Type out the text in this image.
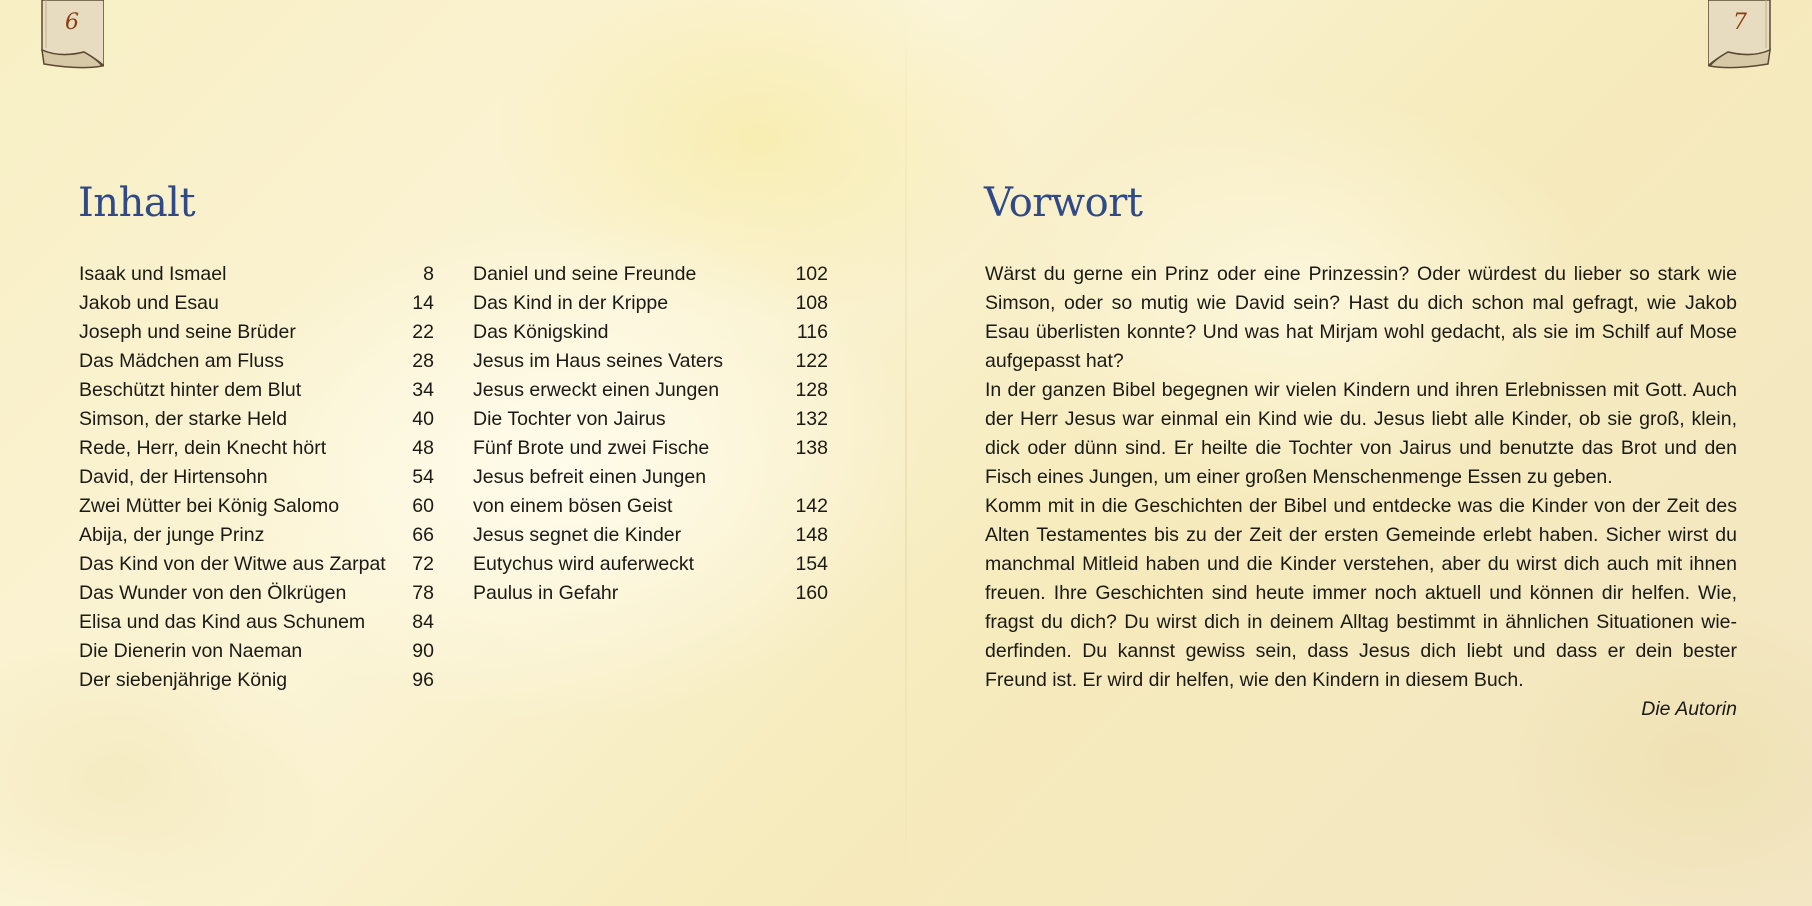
6	7
Inhalt
Isaak und Ismael	8
Jakob und Esau	14
Joseph und seine Brüder	22
Das Mädchen am Fluss	28
Beschützt hinter dem Blut	34
Simson, der starke Held	40
Rede, Herr, dein Knecht hört	48
David, der Hirtensohn	54
Zwei Mütter bei König Salomo	60
Abija, der junge Prinz	66
Das Kind von der Witwe aus Zarpat 72
Das Wunder von den Ölkrügen	78
Elisa und das Kind aus Schunem 84
Die Dienerin von Naeman	90
Der siebenjährige König	96
Daniel und seine Freunde	102
Das Kind in der Krippe	108
Das Königskind	116
Jesus im Haus seines Vaters	122
Jesus erweckt einen Jungen	128
Die Tochter von Jairus	132
Fünf Brote und zwei Fische	138
Jesus befreit einen Jungen
von einem bösen Geist	142
Jesus segnet die Kinder	148
Eutychus wird auferweckt	154
Paulus in Gefahr	160
Vorwort

Wärst du gerne ein Prinz oder eine Prinzessin? Oder würdest du lieber so stark wie Simson, oder so mutig wie David sein? Hast du dich schon mal gefragt, wie Jakob Esau überlisten konnte? Und was hat Mirjam wohl gedacht, als sie im Schilf auf Mose aufgepasst hat?

In der ganzen Bibel begegnen wir vielen Kindern und ihren Erlebnissen mit Gott. Auch der Herr Jesus war einmal ein Kind wie du. Jesus liebt alle Kinder, ob sie groß, klein, dick oder dünn sind. Er heilte die Tochter von Jairus und benutzte das Brot und den Fisch eines Jungen, um einer großen Menschenmenge Essen zu geben.

Komm mit in die Geschichten der Bibel und entdecke was die Kinder von der Zeit des Alten Testamentes bis zu der Zeit der ersten Gemeinde erlebt haben. Sicher wirst du manchmal Mitleid haben und die Kinder verstehen, aber du wirst dich auch mit ihnen freuen. Ihre Geschichten sind heute immer noch aktuell und können dir helfen. Wie, fragst du dich? Du wirst dich in deinem Alltag bestimmt in ähnlichen Situationen wiederfinden. Du kannst gewiss sein, dass Jesus dich liebt und dass er dein bester Freund ist. Er wird dir helfen, wie den Kindern in diesem Buch.

Die Autorin
